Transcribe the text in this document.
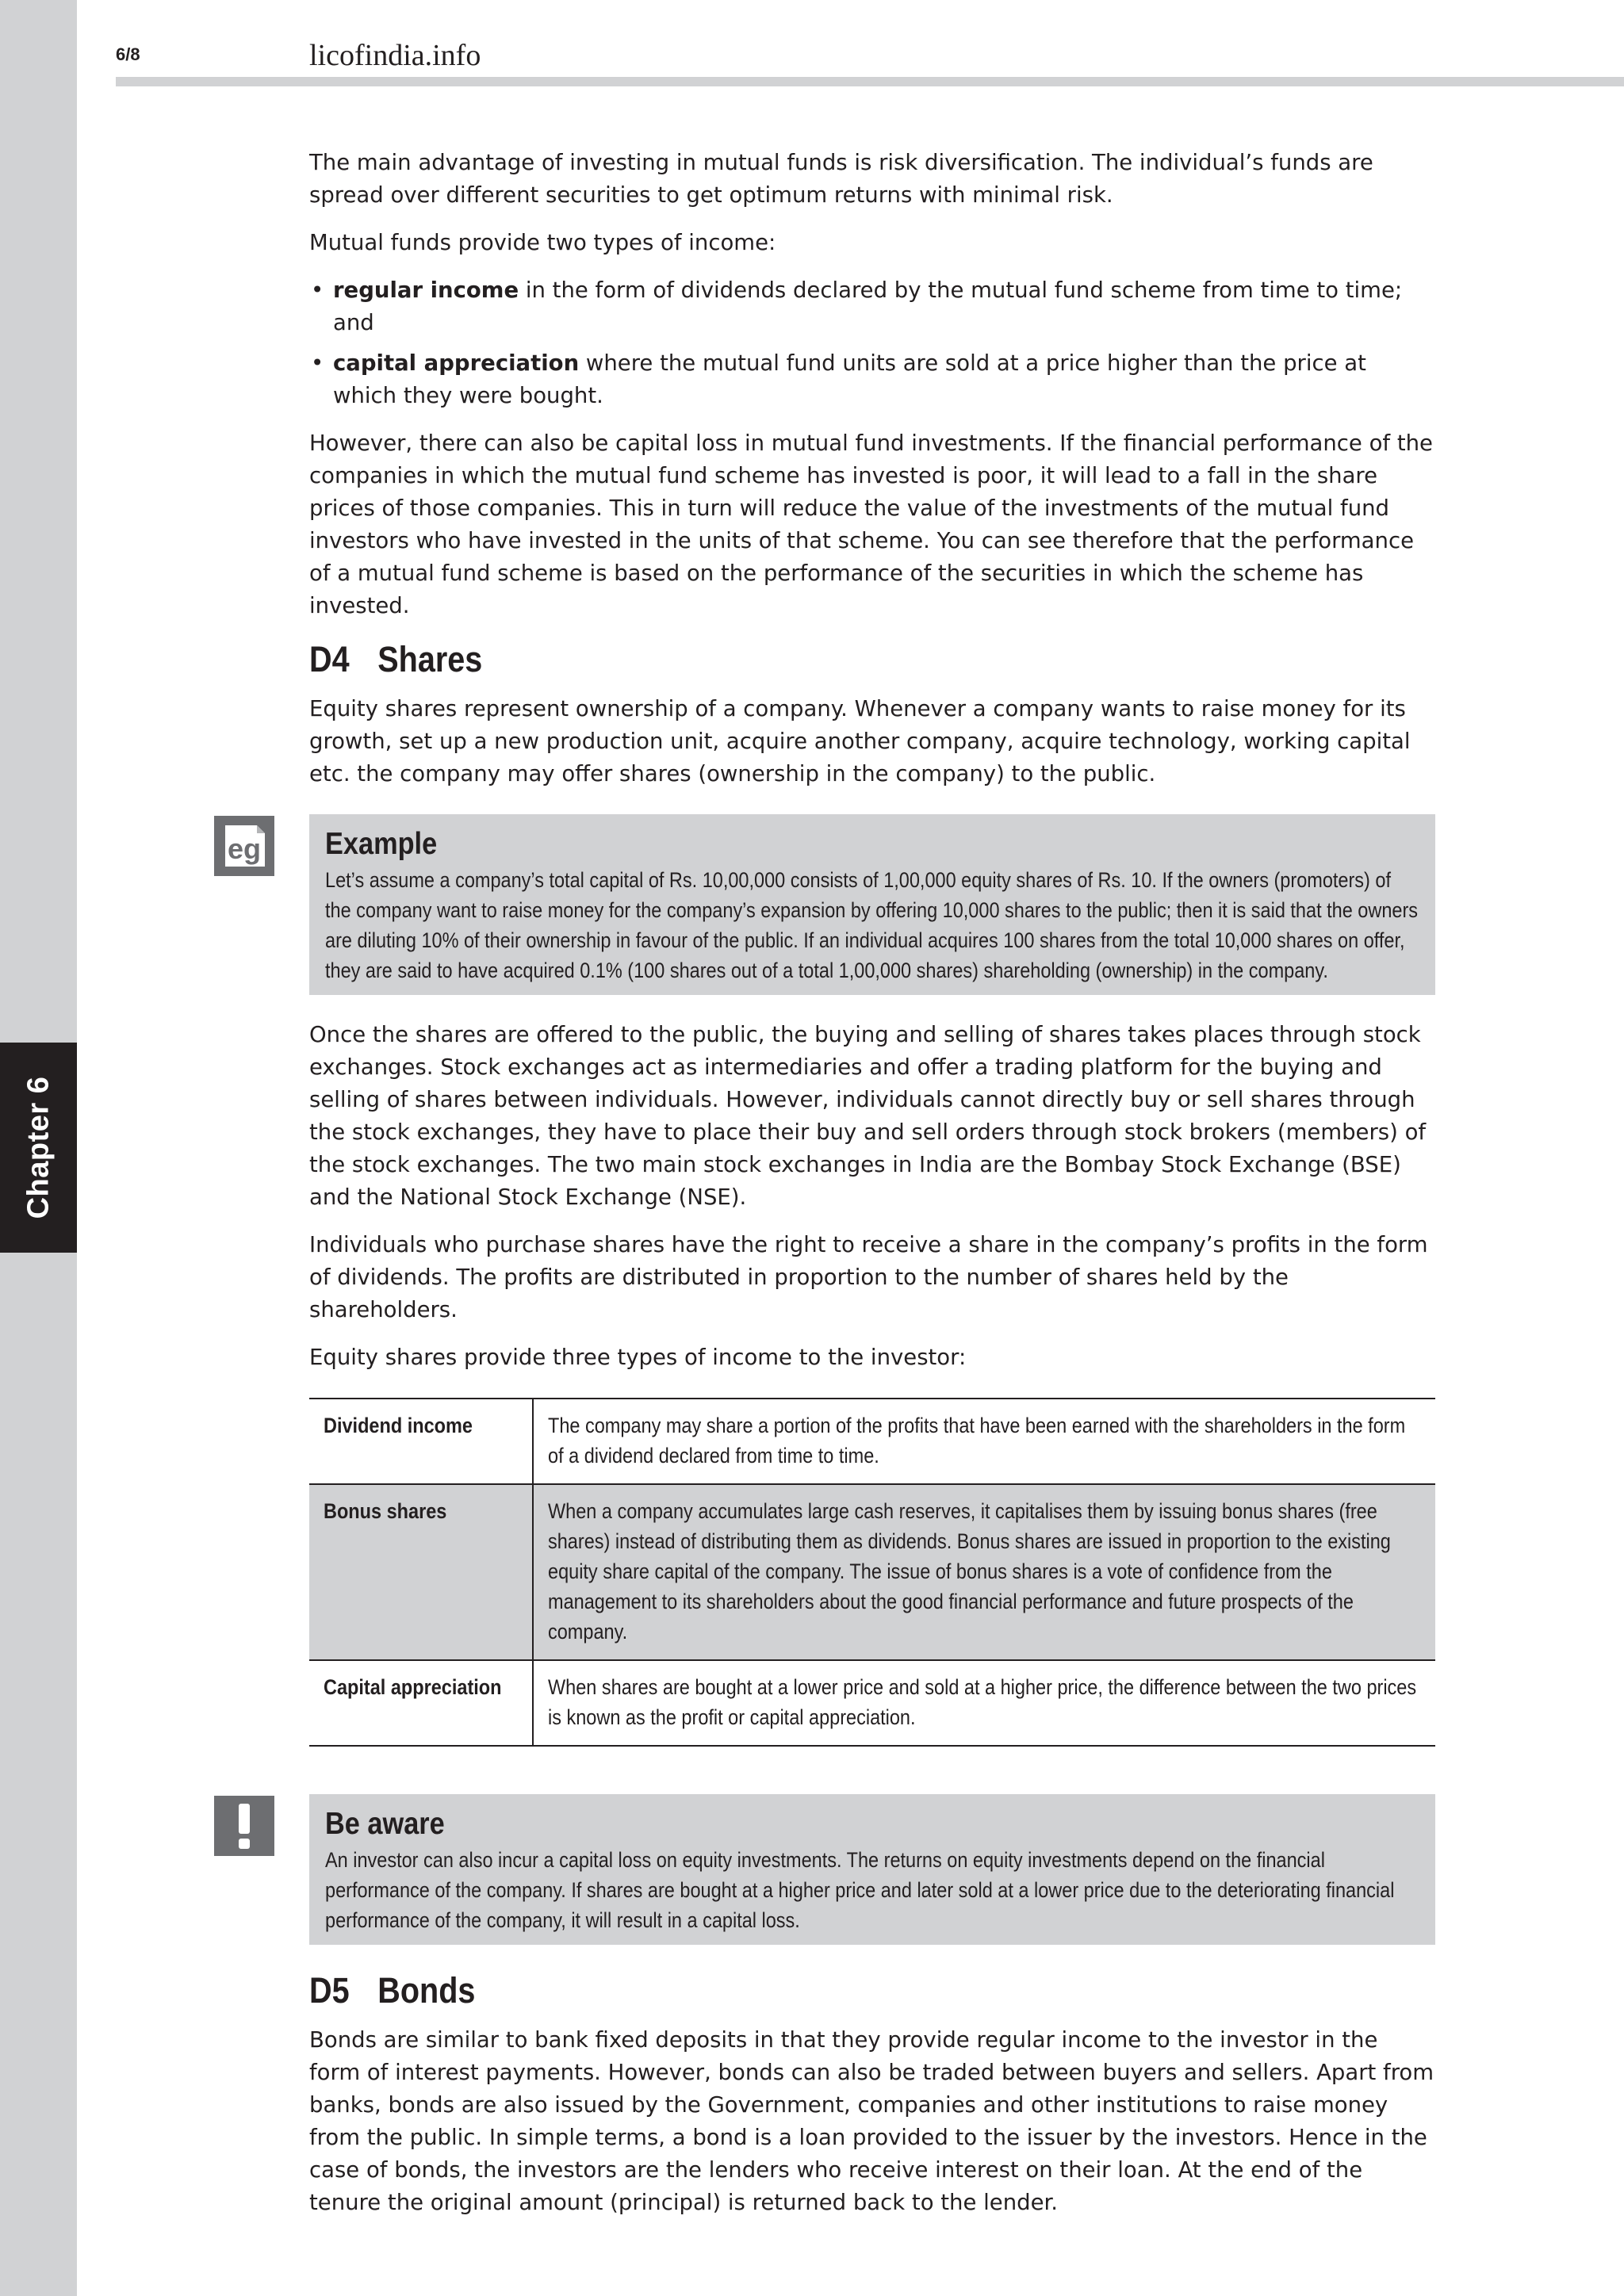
Chapter 6
6/8	licofindia.info

The main advantage of investing in mutual funds is risk diversification. The individual’s funds are spread over different securities to get optimum returns with minimal risk.

Mutual funds provide two types of income:

• regular income in the form of dividends declared by the mutual fund scheme from time to time; and
• capital appreciation where the mutual fund units are sold at a price higher than the price at which they were bought.

However, there can also be capital loss in mutual fund investments. If the financial performance of the companies in which the mutual fund scheme has invested is poor, it will lead to a fall in the share prices of those companies. This in turn will reduce the value of the investments of the mutual fund investors who have invested in the units of that scheme. You can see therefore that the performance of a mutual fund scheme is based on the performance of the securities in which the scheme has invested.

D4 Shares

Equity shares represent ownership of a company. Whenever a company wants to raise money for its growth, set up a new production unit, acquire another company, acquire technology, working capital etc. the company may offer shares (ownership in the company) to the public.

eg Example
Let’s assume a company’s total capital of Rs. 10,00,000 consists of 1,00,000 equity shares of Rs. 10. If the owners (promoters) of the company want to raise money for the company’s expansion by offering 10,000 shares to the public; then it is said that the owners are diluting 10% of their ownership in favour of the public. If an individual acquires 100 shares from the total 10,000 shares on offer, they are said to have acquired 0.1% (100 shares out of a total 1,00,000 shares) shareholding (ownership) in the company.

Once the shares are offered to the public, the buying and selling of shares takes places through stock exchanges. Stock exchanges act as intermediaries and offer a trading platform for the buying and selling of shares between individuals. However, individuals cannot directly buy or sell shares through the stock exchanges, they have to place their buy and sell orders through stock brokers (members) of the stock exchanges. The two main stock exchanges in India are the Bombay Stock Exchange (BSE) and the National Stock Exchange (NSE).

Individuals who purchase shares have the right to receive a share in the company’s profits in the form of dividends. The profits are distributed in proportion to the number of shares held by the shareholders.

Equity shares provide three types of income to the investor:

Dividend income	The company may share a portion of the profits that have been earned with the shareholders in the form of a dividend declared from time to time.

Bonus shares	When a company accumulates large cash reserves, it capitalises them by issuing bonus shares (free shares) instead of distributing them as dividends. Bonus shares are issued in proportion to the existing equity share capital of the company. The issue of bonus shares is a vote of confidence from the management to its shareholders about the good financial performance and future prospects of the company.

Capital appreciation	When shares are bought at a lower price and sold at a higher price, the difference between the two prices is known as the profit or capital appreciation.
Be aware
An investor can also incur a capital loss on equity investments. The returns on equity investments depend on the financial performance of the company. If shares are bought at a higher price and later sold at a lower price due to the deteriorating financial performance of the company, it will result in a capital loss.
D5 Bonds

Bonds are similar to bank fixed deposits in that they provide regular income to the investor in the form of interest payments. However, bonds can also be traded between buyers and sellers. Apart from banks, bonds are also issued by the Government, companies and other institutions to raise money from the public. In simple terms, a bond is a loan provided to the issuer by the investors. Hence in the case of bonds, the investors are the lenders who receive interest on their loan. At the end of the tenure the original amount (principal) is returned back to the lender.
